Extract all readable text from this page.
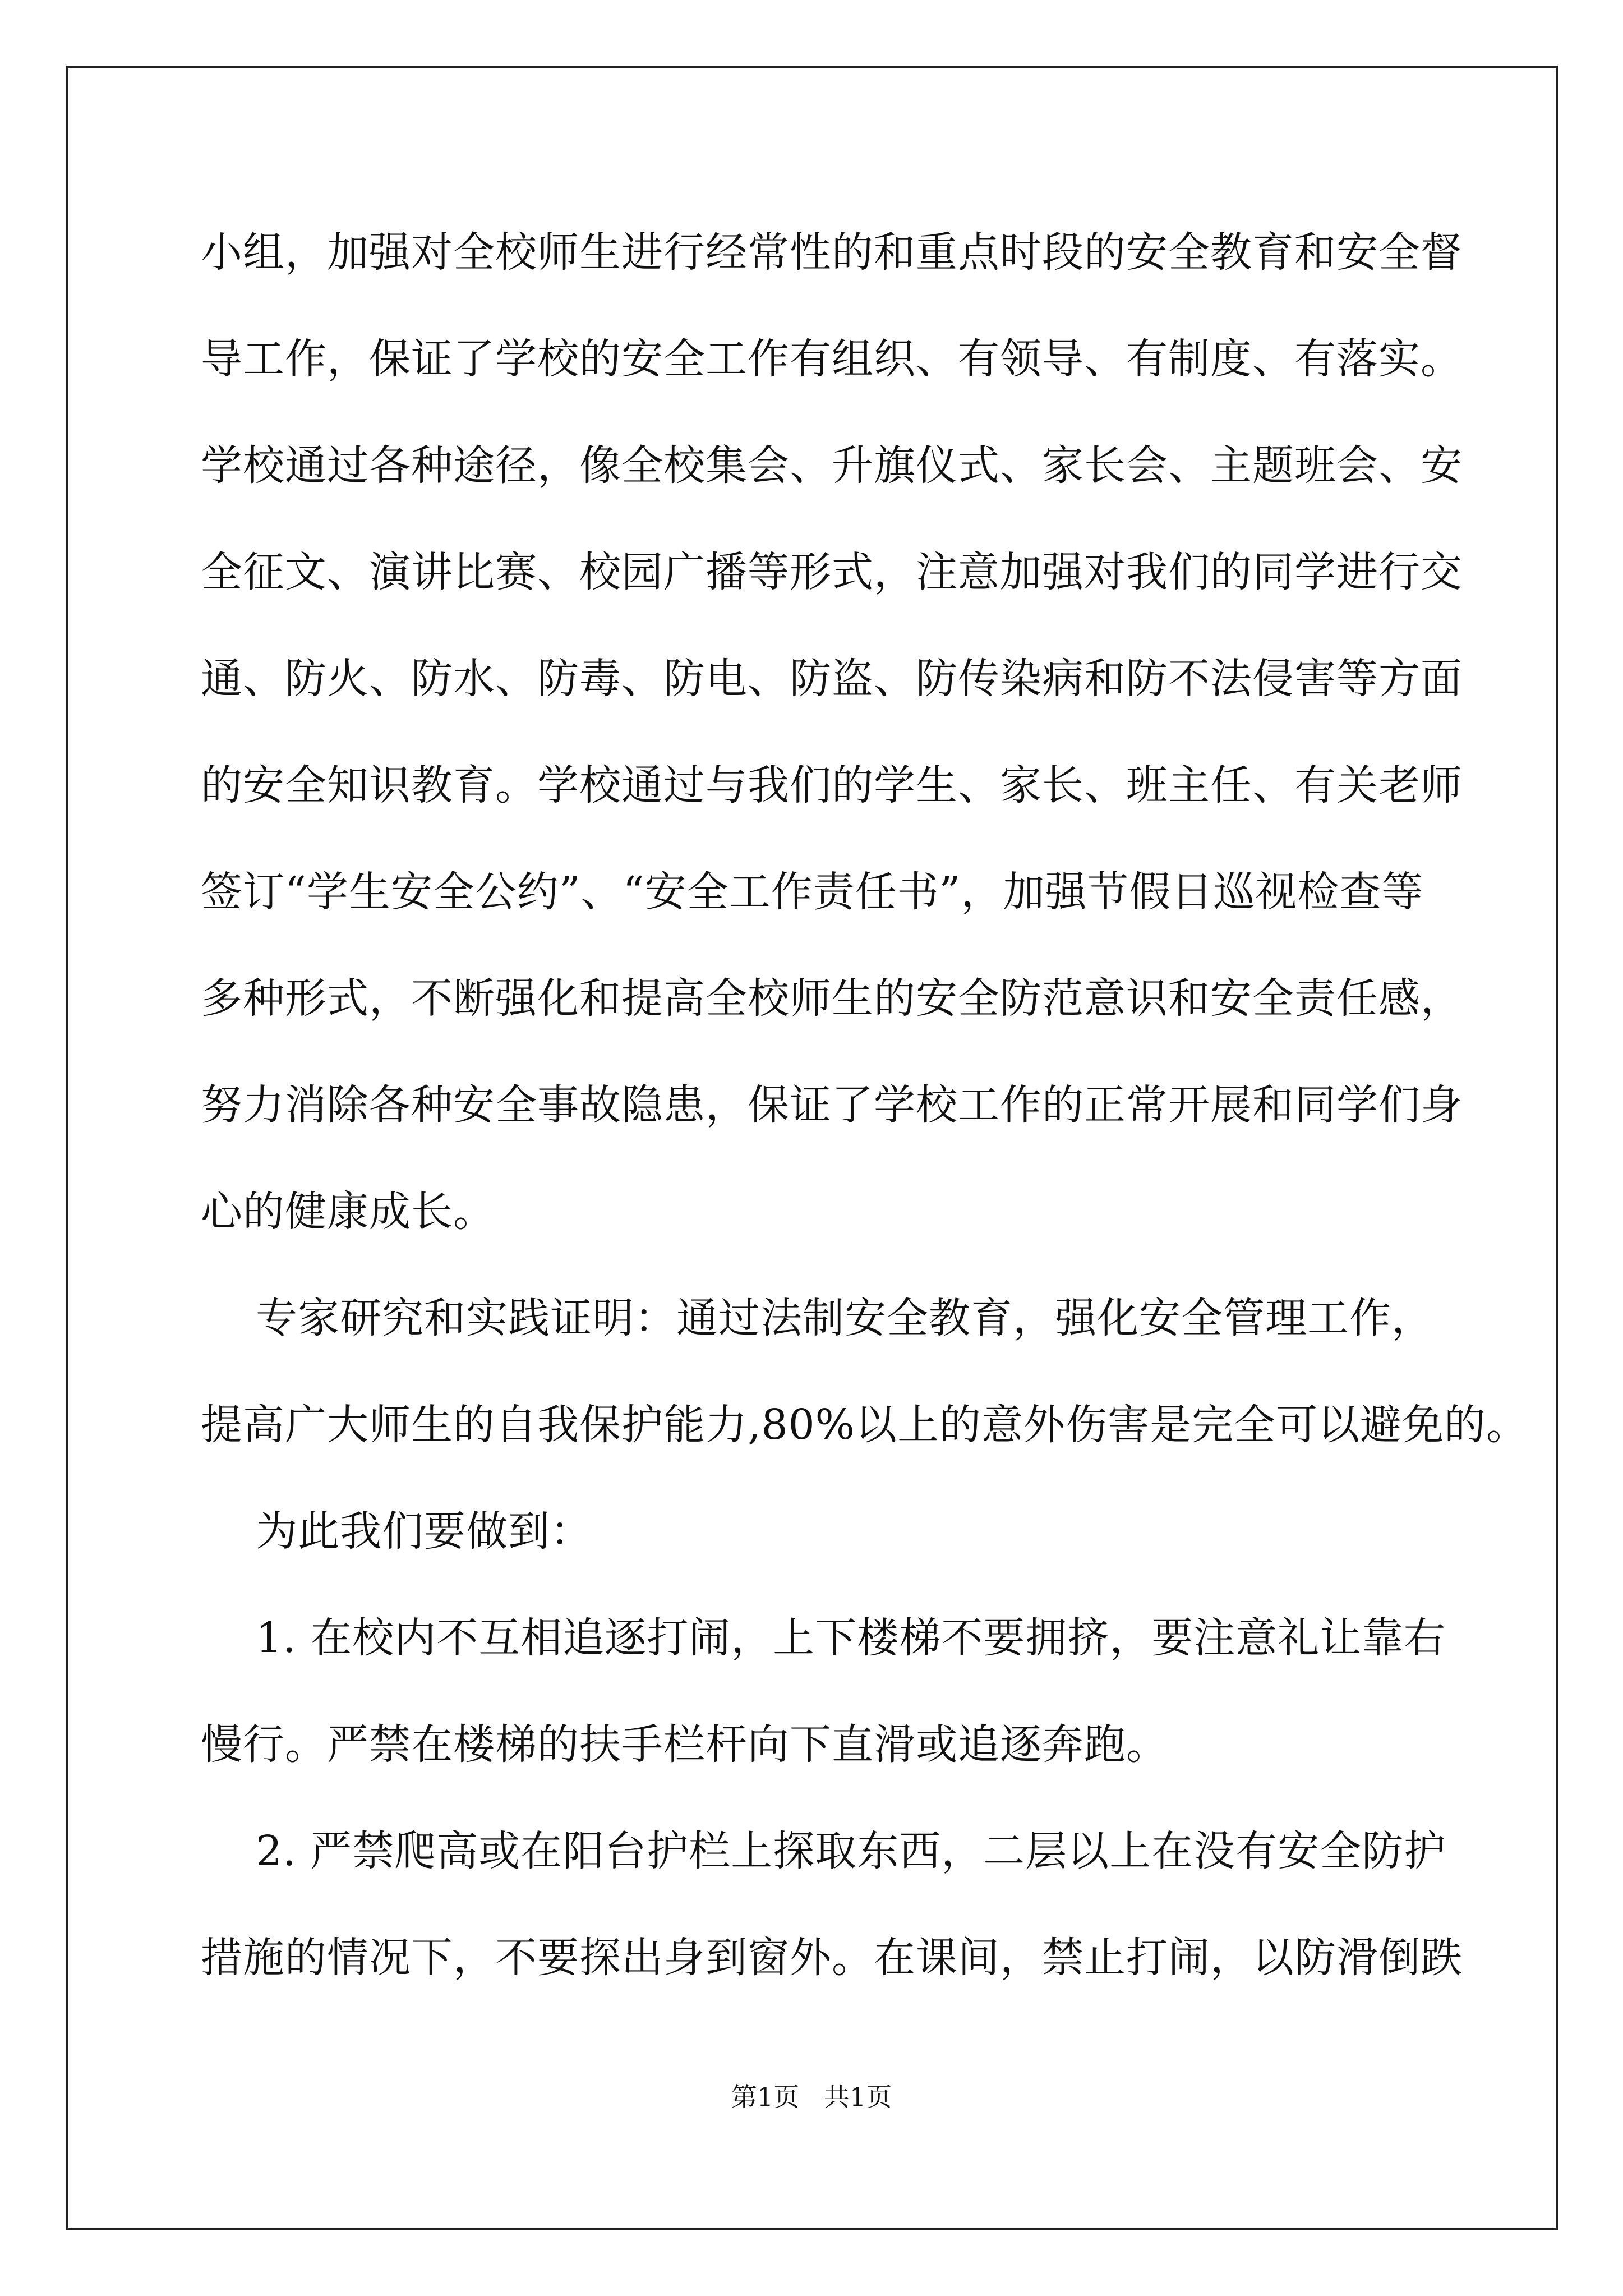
小组，加强对全校师生进行经常性的和重点时段的安全教育和安全督
导工作，保证了学校的安全工作有组织、有领导、有制度、有落实。
学校通过各种途径，像全校集会、升旗仪式、家长会、主题班会、安
全征文、演讲比赛、校园广播等形式，注意加强对我们的同学进行交
通、防火、防水、防毒、防电、防盗、防传染病和防不法侵害等方面
的安全知识教育。学校通过与我们的学生、家长、班主任、有关老师
签订“学生安全公约”、“安全工作责任书”，加强节假日巡视检查等
多种形式，不断强化和提高全校师生的安全防范意识和安全责任感，
努力消除各种安全事故隐患，保证了学校工作的正常开展和同学们身
心的健康成长。
专家研究和实践证明：通过法制安全教育，强化安全管理工作，
提高广大师生的自我保护能力,80%以上的意外伤害是完全可以避免的。
为此我们要做到：
1. 在校内不互相追逐打闹，上下楼梯不要拥挤，要注意礼让靠右
慢行。严禁在楼梯的扶手栏杆向下直滑或追逐奔跑。
2. 严禁爬高或在阳台护栏上探取东西，二层以上在没有安全防护
措施的情况下，不要探出身到窗外。在课间，禁止打闹，以防滑倒跌
第1页   共1页
